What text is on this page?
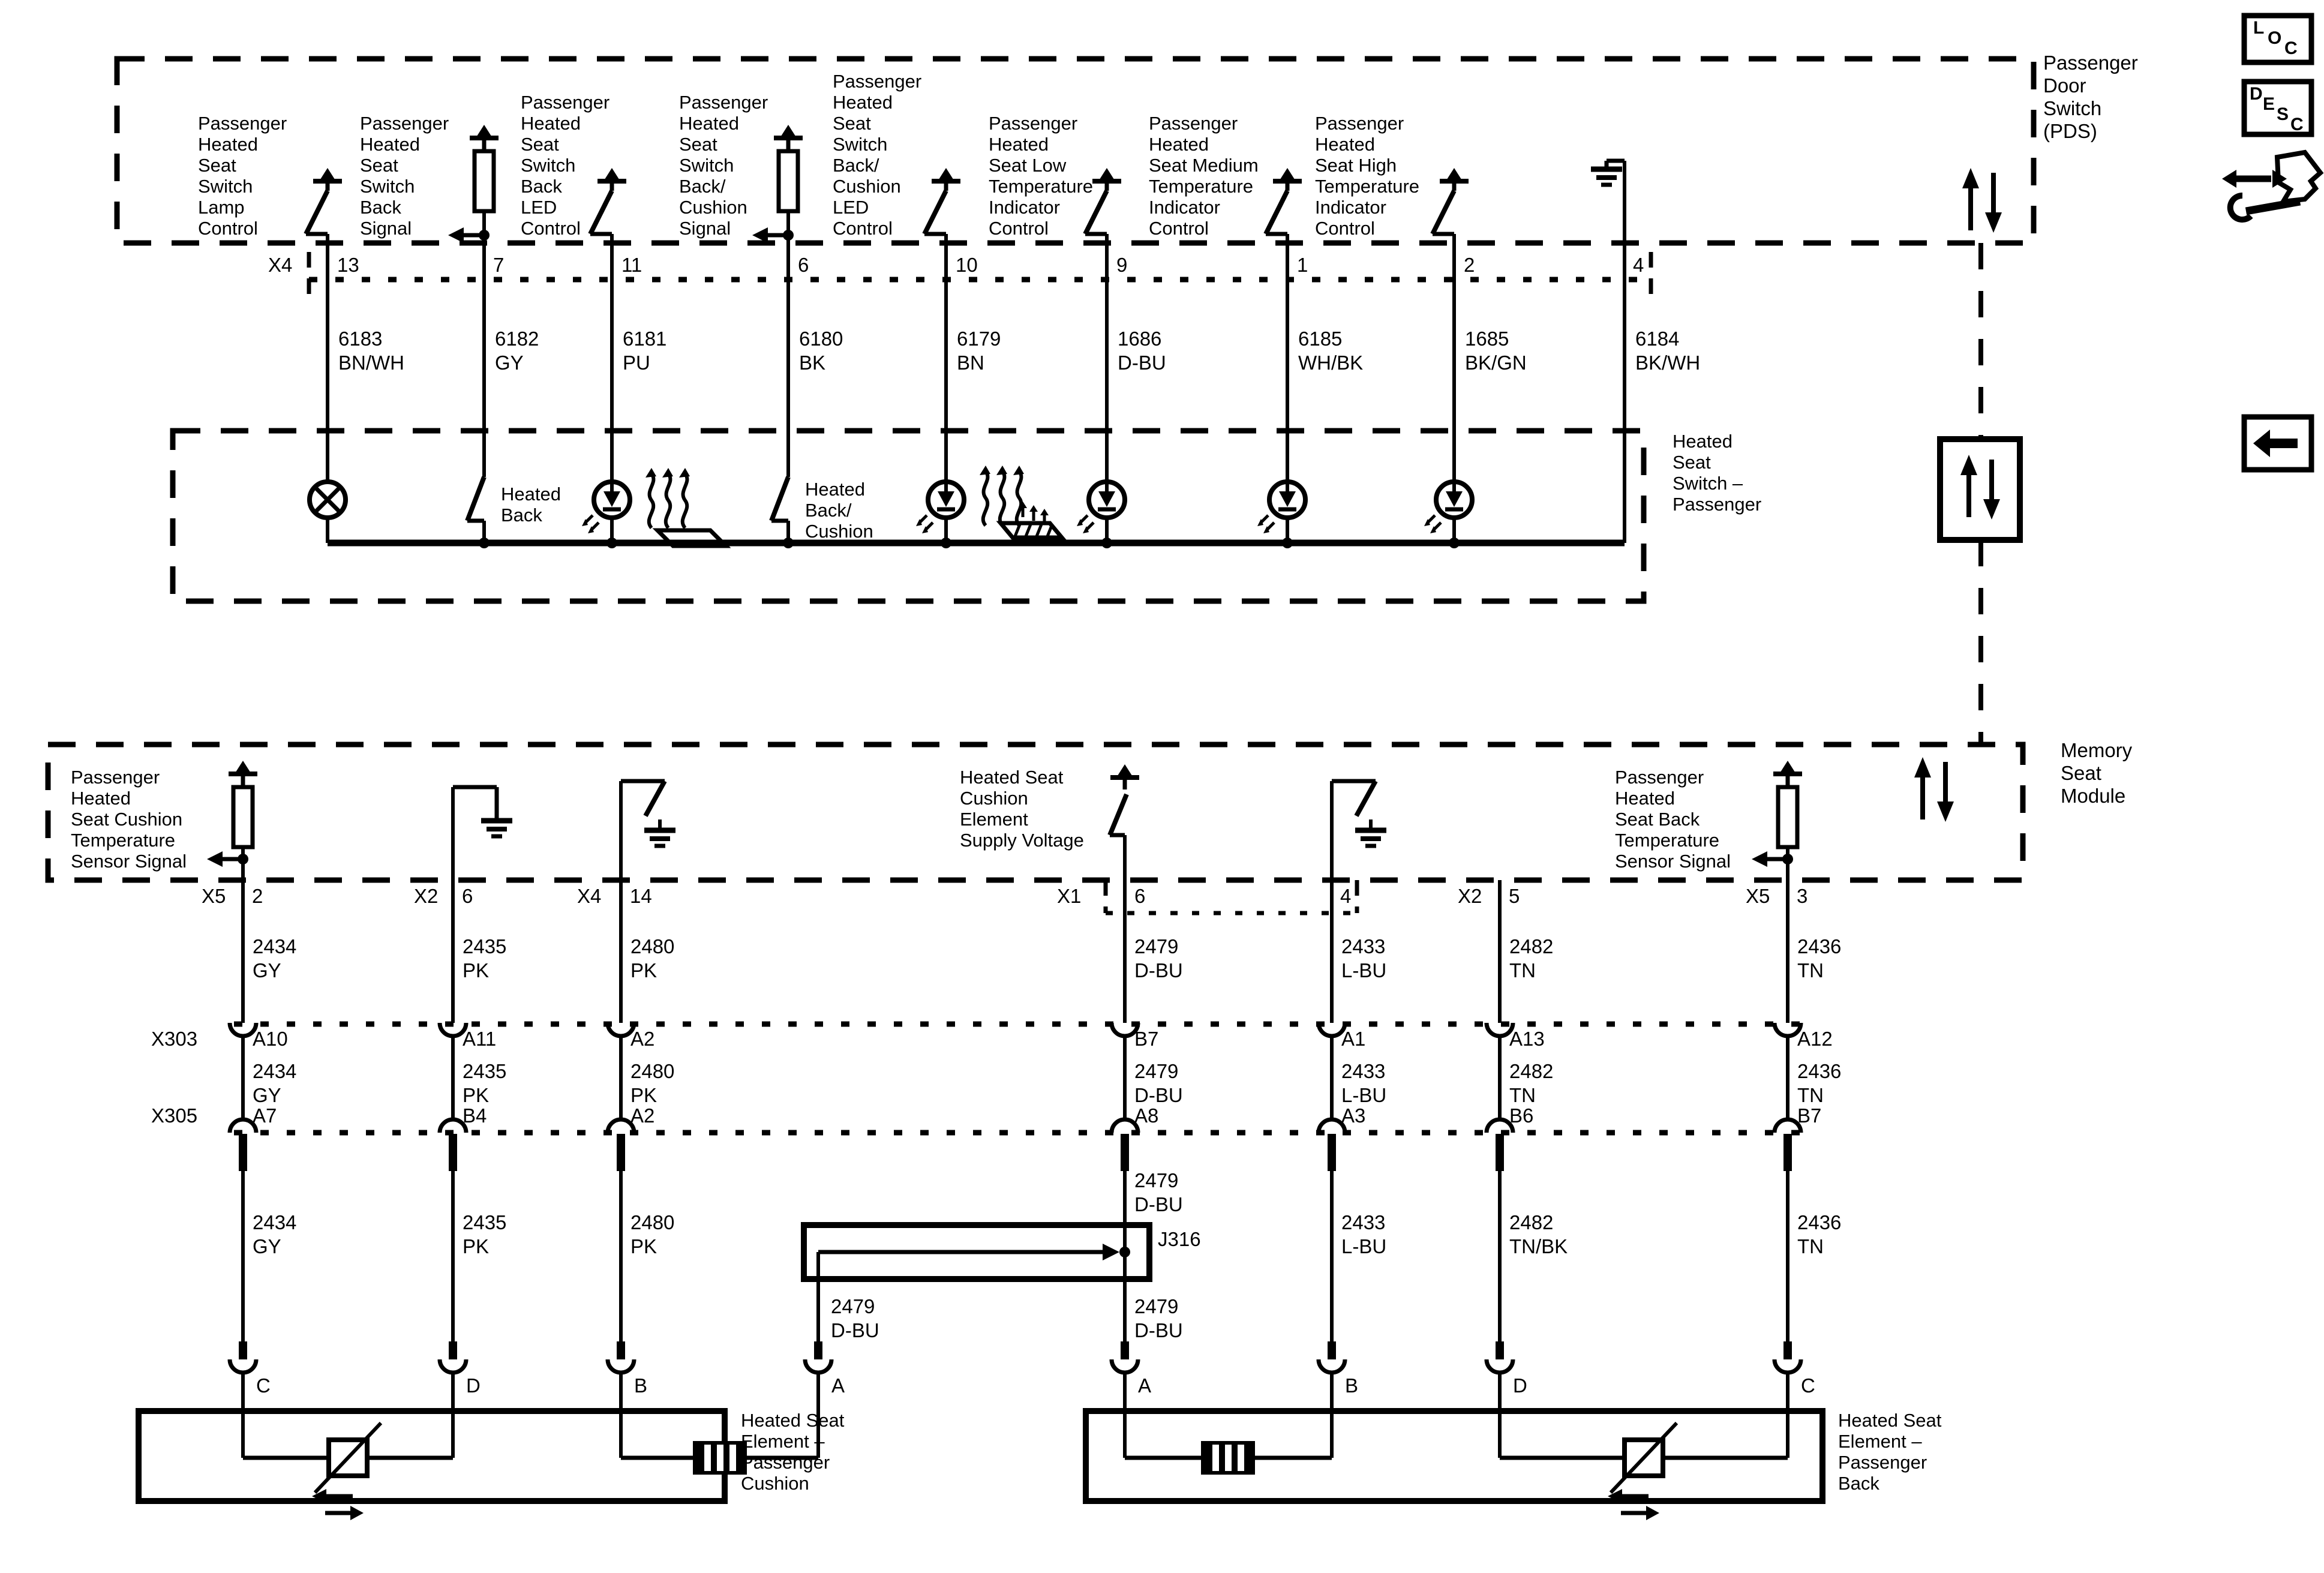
Passenger
Door
Switch
(PDS)
Passenger
Heated
Seat
Switch
Lamp
Control
Passenger
Heated
Seat
Switch
Back
Signal
Passenger
Heated
Seat
Switch
Back
LED
Control
Passenger
Heated
Seat
Switch
Back/
Cushion
Signal
Passenger
Heated
Seat
Switch
Back/
Cushion
LED
Control
Passenger
Heated
Seat Low
Temperature
Indicator
Control
Passenger
Heated
Seat Medium
Temperature
Indicator
Control
Passenger
Heated
Seat High
Temperature
Indicator
Control
X4 13	7	11	6	10	9	1	2	4
6183
BN/WH
6182
GY
6181
PU
6180
BK
6179
BN
1686
D-BU
6185
WH/BK
1685
BK/GN
6184
BK/WH
Heated
Seat
Switch –
Passenger
Heated
Back
Heated
Back/
Cushion
Memory
Seat
Module
Passenger
Heated
Seat Cushion
Temperature
Sensor Signal
Heated Seat
Cushion
Element
Supply Voltage
Passenger
Heated
Seat Back
Temperature
Sensor Signal
X5 2	X2 6	X4 14	X1	6	4	X2 5	X5 3
2434
GY
2435
PK
2480
PK
2479
D-BU
2433
L-BU
2482
TN
2436
TN
X303	A10	A11	A2	B7	A1	A13	A12
2434
GY
2435
PK
2480
PK
2479
D-BU
2433
L-BU
2482
TN
2436
TN
X305	A7	B4	A2	A8	A3	B6	B7
2479
D-BU
2434
GY
2435
PK
2480
PK
2433
L-BU
2482
TN/BK
2436
TN
J316
2479
D-BU
2479
D-BU
C	D	B	A	A	B	D	C
Heated Seat
Element –
Passenger
Cushion
Heated Seat
Element –
Passenger
Back
L
O
C
D
E
S
C
